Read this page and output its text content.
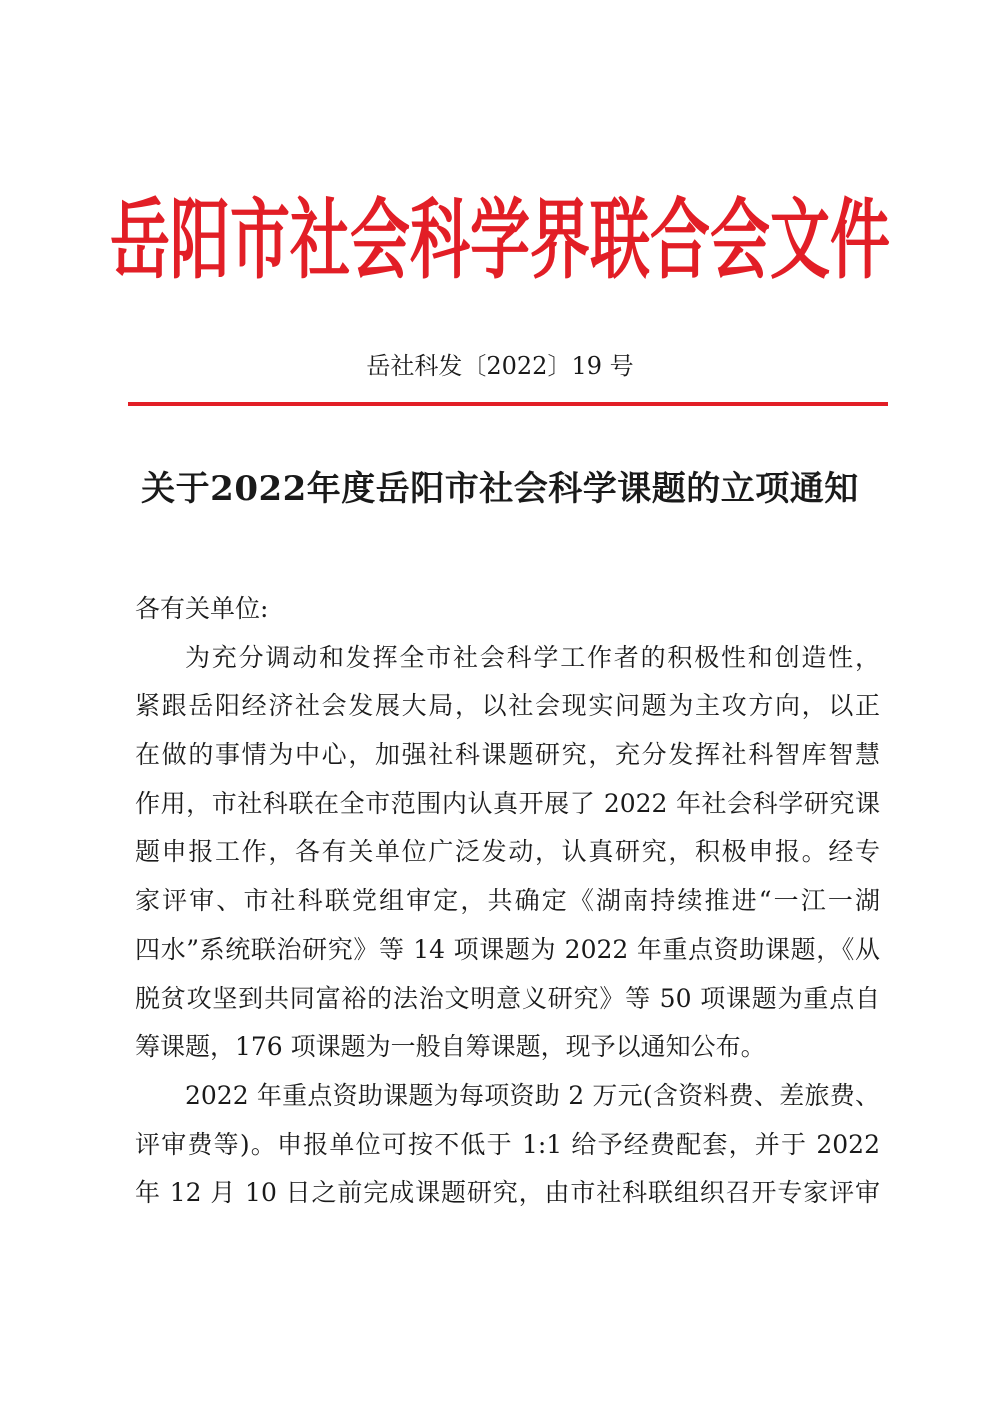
岳阳市社会科学界联合会文件
岳社科发〔2022〕19 号
关于2022年度岳阳市社会科学课题的立项通知
各有关单位:
为充分调动和发挥全市社会科学工作者的积极性和创造性，
紧跟岳阳经济社会发展大局，以社会现实问题为主攻方向，以正
在做的事情为中心，加强社科课题研究，充分发挥社科智库智慧
作用，市社科联在全市范围内认真开展了 2022 年社会科学研究课
题申报工作，各有关单位广泛发动，认真研究，积极申报。经专
家评审、市社科联党组审定，共确定《湖南持续推进“一江一湖
四水”系统联治研究》等 14 项课题为 2022 年重点资助课题，《从
脱贫攻坚到共同富裕的法治文明意义研究》等 50 项课题为重点自
筹课题，176 项课题为一般自筹课题，现予以通知公布。
2022 年重点资助课题为每项资助 2 万元(含资料费、差旅费、
评审费等)。申报单位可按不低于 1:1 给予经费配套，并于 2022
年 12 月 10 日之前完成课题研究，由市社科联组织召开专家评审
